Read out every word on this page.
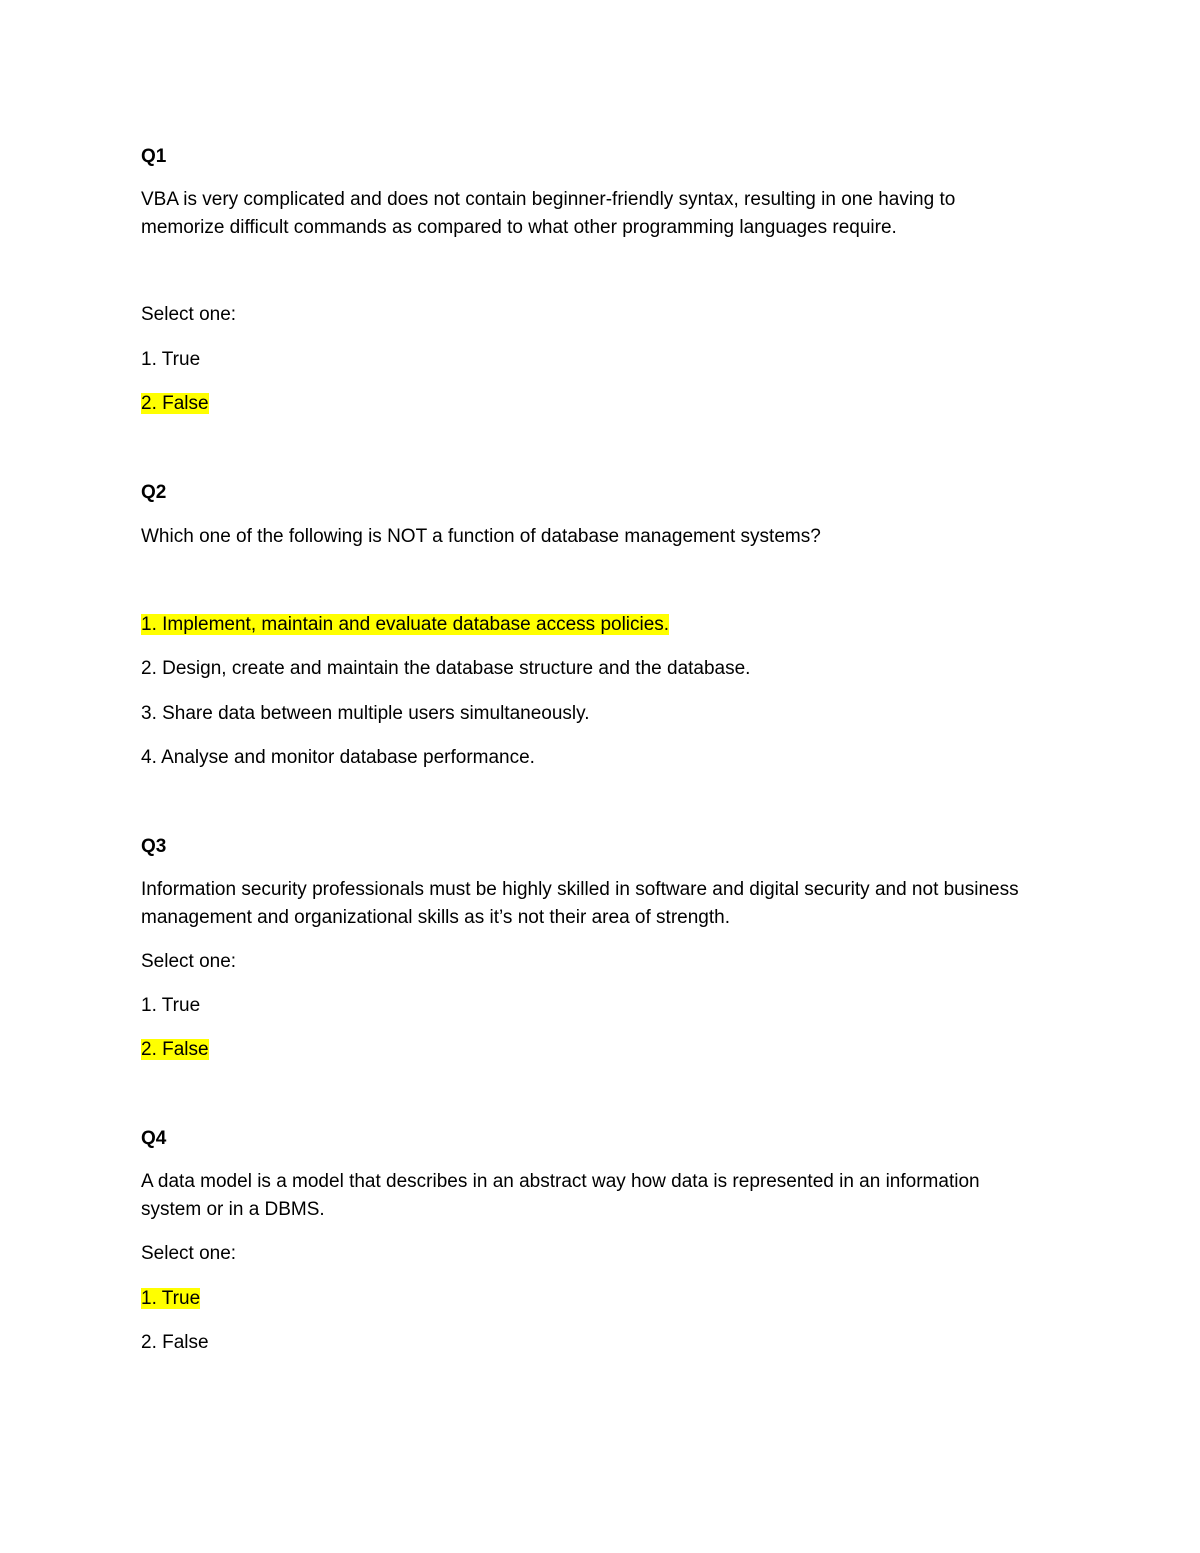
Q1
VBA is very complicated and does not contain beginner-friendly syntax, resulting in one having to
memorize difficult commands as compared to what other programming languages require.
Select one:
1. True
2. False
Q2
Which one of the following is NOT a function of database management systems?
1. Implement, maintain and evaluate database access policies.
2. Design, create and maintain the database structure and the database.
3. Share data between multiple users simultaneously.
4. Analyse and monitor database performance.
Q3
Information security professionals must be highly skilled in software and digital security and not business
management and organizational skills as it’s not their area of strength.
Select one:
1. True
2. False
Q4
A data model is a model that describes in an abstract way how data is represented in an information
system or in a DBMS.
Select one:
1. True
2. False
